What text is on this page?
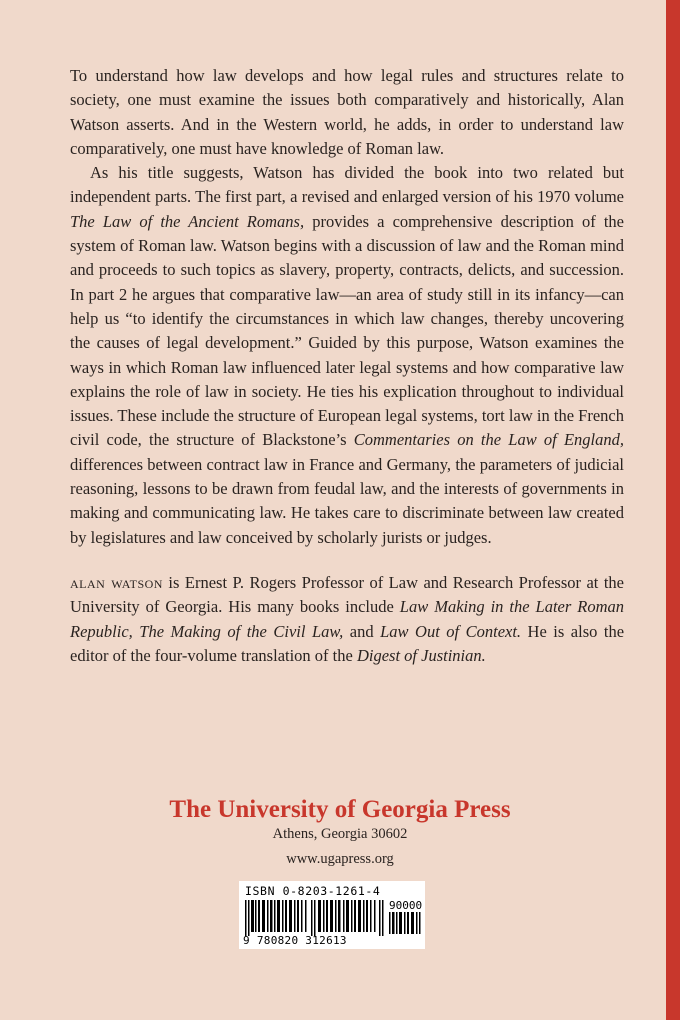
To understand how law develops and how legal rules and structures relate to society, one must examine the issues both comparatively and historically, Alan Watson asserts. And in the Western world, he adds, in order to understand law comparatively, one must have knowledge of Roman law.

As his title suggests, Watson has divided the book into two related but independent parts. The first part, a revised and enlarged version of his 1970 volume The Law of the Ancient Romans, provides a comprehensive description of the system of Roman law. Watson begins with a discussion of law and the Roman mind and proceeds to such topics as slavery, property, contracts, delicts, and succession. In part 2 he argues that comparative law—an area of study still in its infancy—can help us “to identify the circumstances in which law changes, thereby uncovering the causes of legal development.” Guided by this purpose, Watson examines the ways in which Roman law influenced later legal systems and how comparative law explains the role of law in society. He ties his explication throughout to individual issues. These include the structure of European legal systems, tort law in the French civil code, the structure of Blackstone’s Commentaries on the Law of England, differences between contract law in France and Germany, the parameters of judicial reasoning, lessons to be drawn from feudal law, and the interests of governments in making and communicating law. He takes care to discriminate between law created by legislatures and law conceived by scholarly jurists or judges.

alan watson is Ernest P. Rogers Professor of Law and Research Professor at the University of Georgia. His many books include Law Making in the Later Roman Republic, The Making of the Civil Law, and Law Out of Context. He is also the editor of the four-volume translation of the Digest of Justinian.

The University of Georgia Press
Athens, Georgia 30602
www.ugapress.org
ISBN 0-8203-1261-4
90000
9 780820 312613
